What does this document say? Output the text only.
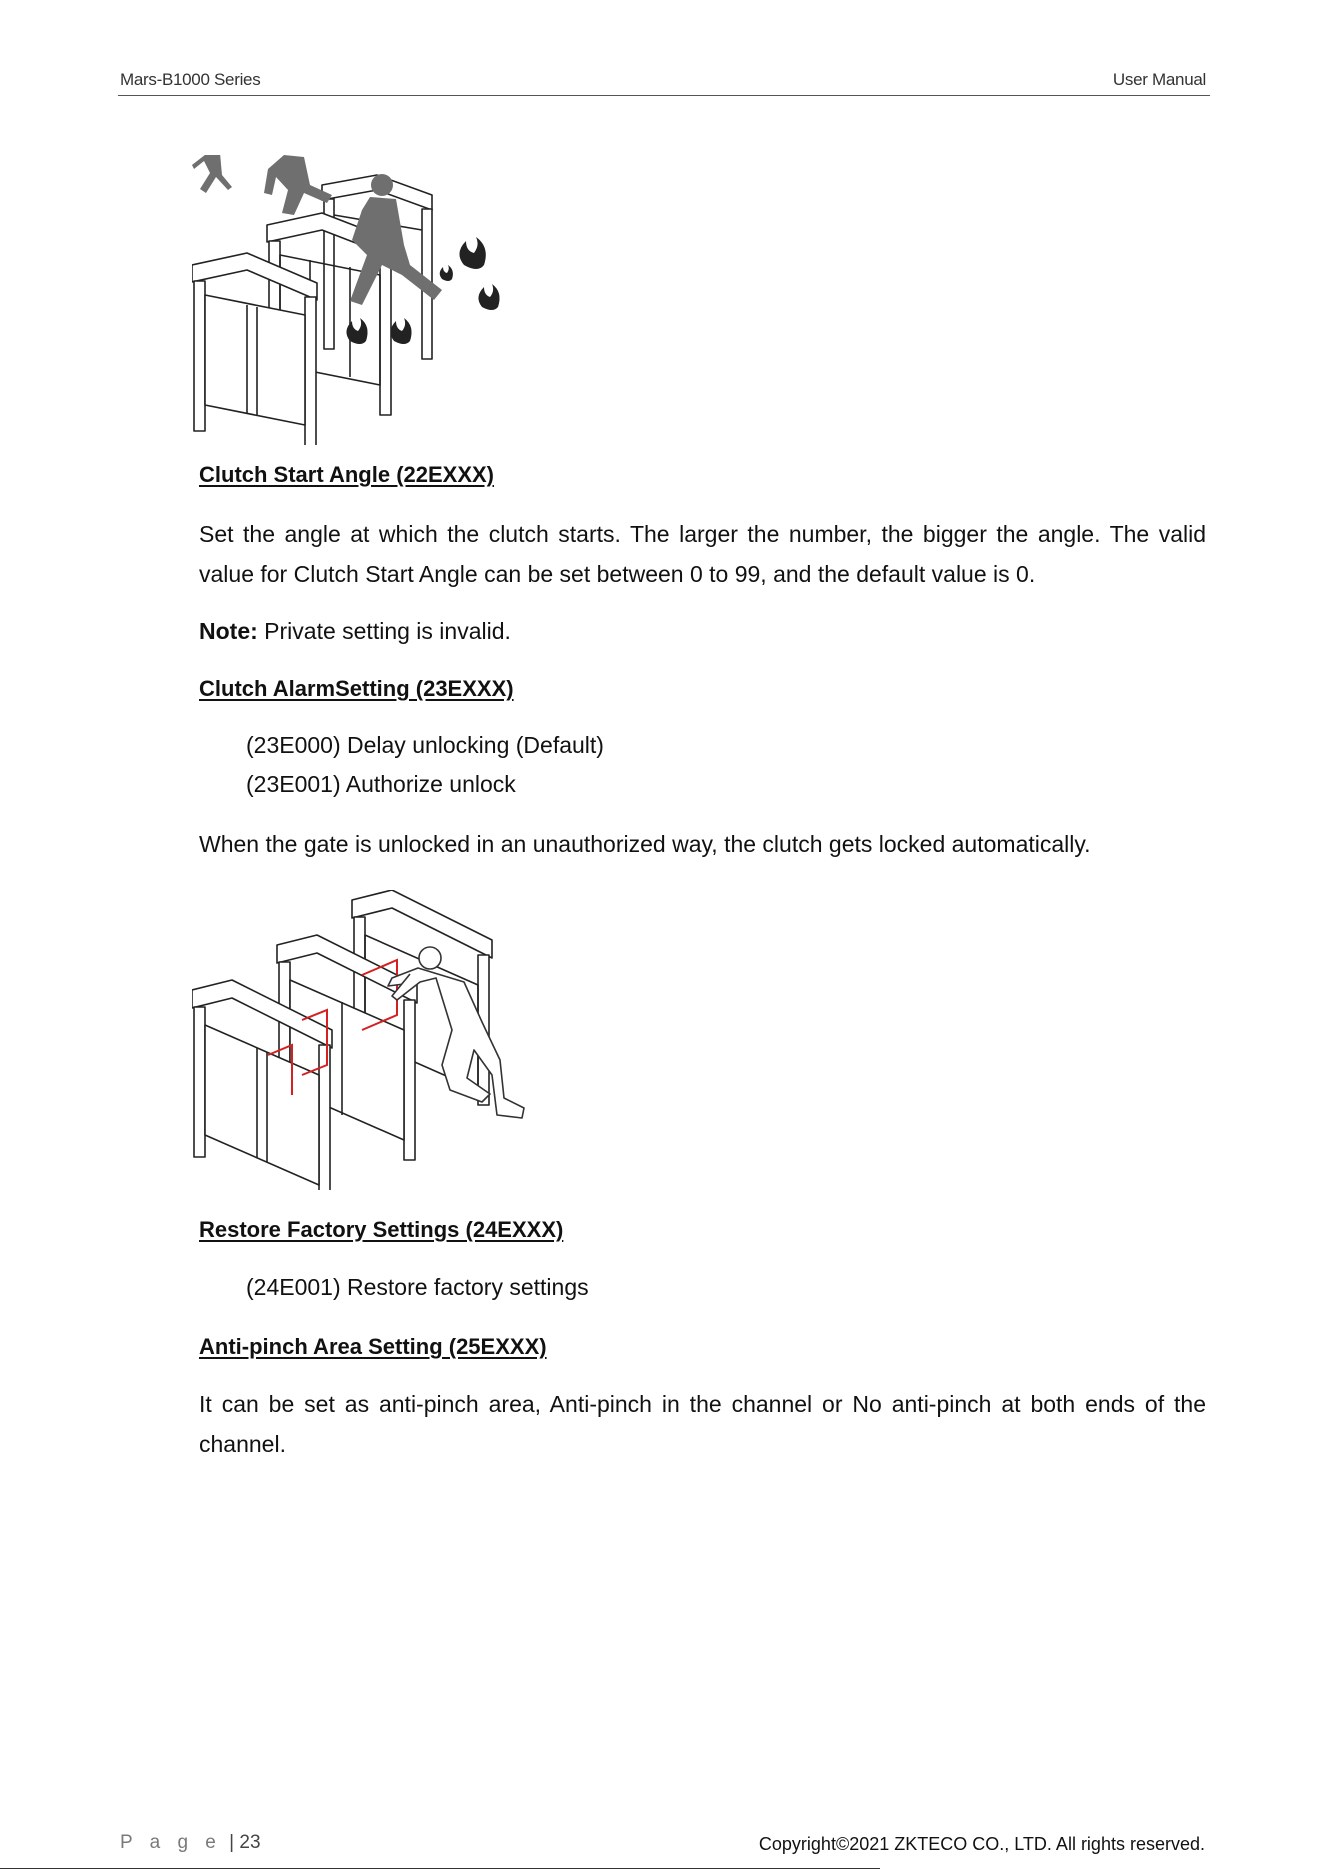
Mars-B1000 Series	User Manual
Clutch Start Angle (22EXXX)
Set the angle at which the clutch starts. The larger the number, the bigger the angle. The valid value for Clutch Start Angle can be set between 0 to 99, and the default value is 0.
Note: Private setting is invalid.
Clutch AlarmSetting (23EXXX)
(23E000) Delay unlocking (Default)
(23E001) Authorize unlock
When the gate is unlocked in an unauthorized way, the clutch gets locked automatically.
Restore Factory Settings (24EXXX)
(24E001) Restore factory settings
Anti-pinch Area Setting (25EXXX)
It can be set as anti-pinch area, Anti-pinch in the channel or No anti-pinch at both ends of the channel.
P a g e | 23	Copyright©2021 ZKTECO CO., LTD. All rights reserved.
